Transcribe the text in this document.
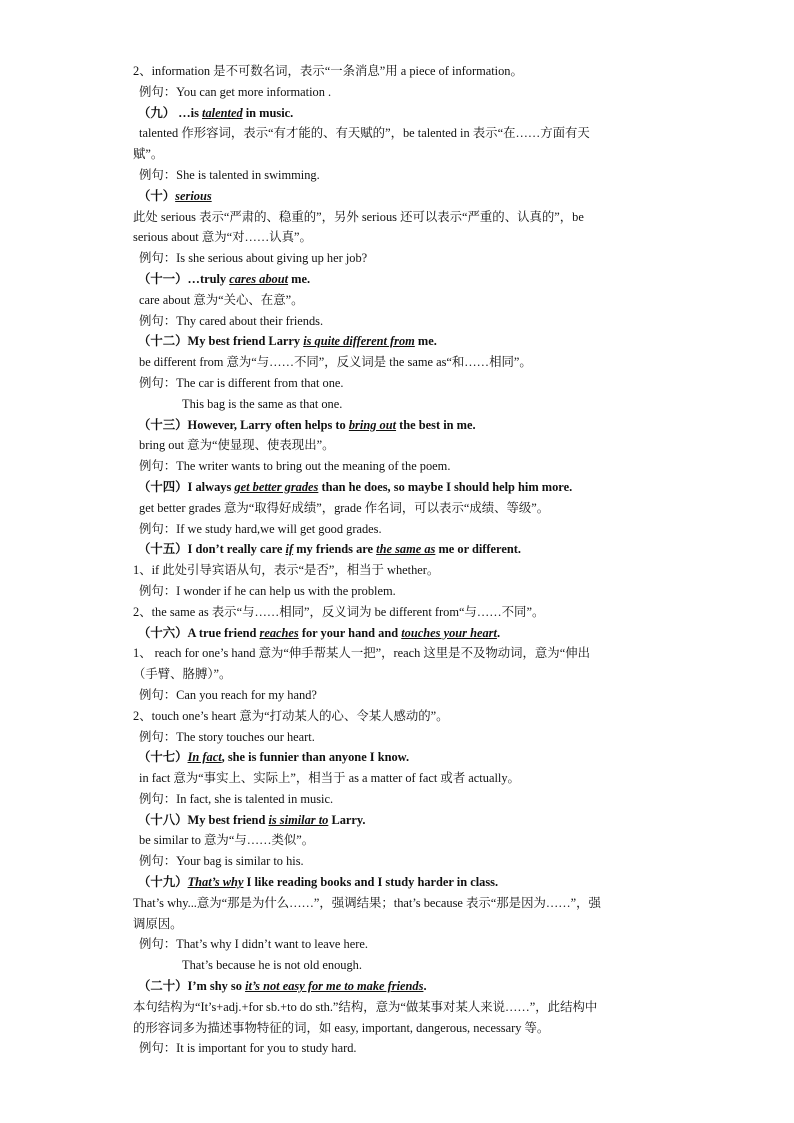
2、information 是不可数名词，表示“一条消息”用 a piece of information。
例句：You can get more information .
（九） …is talented in music.
talented 作形容词，表示“有才能的、有天赋的”，be talented in 表示“在……方面有天
赋”。
例句：She is talented in swimming.
（十）serious
此处 serious 表示“严肃的、稳重的”，另外 serious 还可以表示“严重的、认真的”，be
serious about 意为“对……认真”。
例句：Is she serious about giving up her job?
（十一）…truly cares about me.
care about 意为“关心、在意”。
例句：Thy cared about their friends.
（十二）My best friend Larry is quite different from me.
be different from 意为“与……不同”，反义词是 the same as“和……相同”。
例句：The car is different from that one.
This bag is the same as that one.
（十三）However, Larry often helps to bring out the best in me.
bring out 意为“使显现、使表现出”。
例句：The writer wants to bring out the meaning of the poem.
（十四）I always get better grades than he does, so maybe I should help him more.
get better grades 意为“取得好成绩”，grade 作名词，可以表示“成绩、等级”。
例句：If we study hard,we will get good grades.
（十五）I don’t really care if my friends are the same as me or different.
1、if 此处引导宾语从句，表示“是否”，相当于 whether。
例句：I wonder if he can help us with the problem.
2、the same as 表示“与……相同”，反义词为 be different from“与……不同”。
（十六）A true friend reaches for your hand and touches your heart.
1、 reach for one’s hand 意为“伸手帮某人一把”，reach 这里是不及物动词，意为“伸出
（手臂、胳膊）”。
例句：Can you reach for my hand?
2、touch one’s heart 意为“打动某人的心、令某人感动的”。
例句：The story touches our heart.
（十七）In fact, she is funnier than anyone I know.
in fact 意为“事实上、实际上”，相当于 as a matter of fact 或者 actually。
例句：In fact, she is talented in music.
（十八）My best friend is similar to Larry.
be similar to 意为“与……类似”。
例句：Your bag is similar to his.
（十九）That’s why I like reading books and I study harder in class.
That’s why...意为“那是为什么……”，强调结果；that’s because 表示“那是因为……”，强
调原因。
例句：That’s why I didn’t want to leave here.
That’s because he is not old enough.
（二十）I’m shy so it’s not easy for me to make friends.
本句结构为“It’s+adj.+for sb.+to do sth.”结构，意为“做某事对某人来说……”，此结构中
的形容词多为描述事物特征的词，如 easy, important, dangerous, necessary 等。
例句：It is important for you to study hard.
